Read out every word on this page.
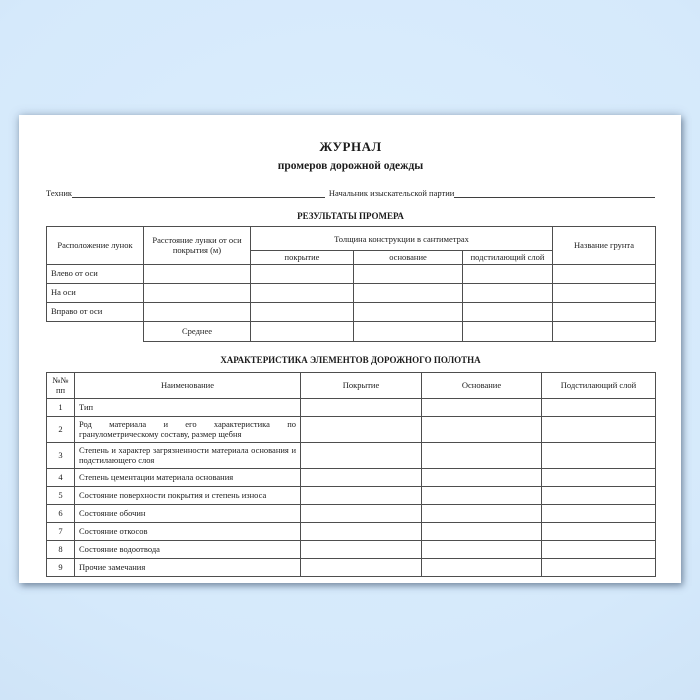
ЖУРНАЛ
промеров дорожной одежды
Техник	Начальник изыскательской партии
РЕЗУЛЬТАТЫ ПРОМЕРА
Расположение лунок	Расстояние лунки от оси покрытия (м)	Толщина конструкции в сантиметрах			Название грунта
		покрытие	основание	подстилающий слой	
Влево от оси					
На оси					
Вправо от оси					
	Среднее				
ХАРАКТЕРИСТИКА ЭЛЕМЕНТОВ ДОРОЖНОГО ПОЛОТНА
№№ пп	Наименование	Покрытие	Основание	Подстилающий слой
1	Тип			
2	Род материала и его характеристика по гранулометрическому составу, размер щебня			
3	Степень и характер загрязненности материала основания и подстилающего слоя			
4	Степень цементации материала основания			
5	Состояние поверхности покрытия и степень износа			
6	Состояние обочин			
7	Состояние откосов			
8	Состояние водоотвода			
9	Прочие замечания			
